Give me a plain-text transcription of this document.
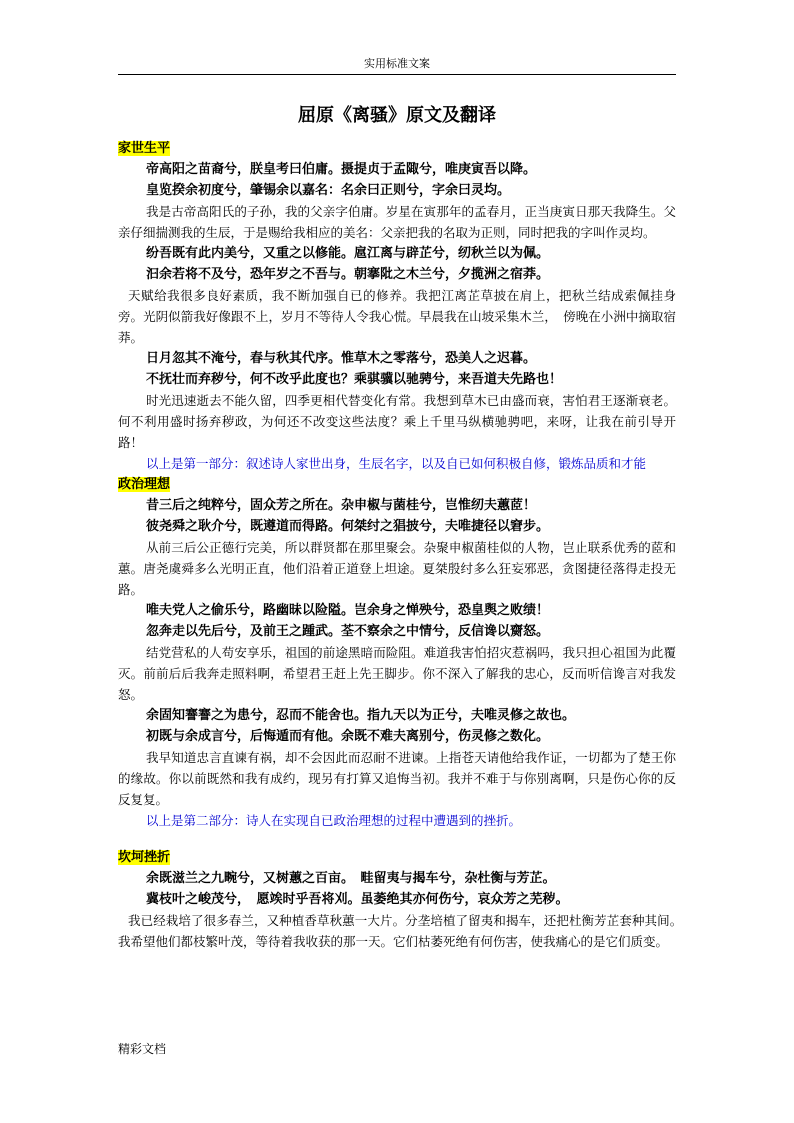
实用标准文案
屈原《离骚》原文及翻译

家世生平

帝高阳之苗裔兮，朕皇考曰伯庸。摄提贞于孟陬兮，唯庚寅吾以降。

皇览揆余初度兮，肇锡余以嘉名：名余曰正则兮，字余曰灵均。

我是古帝高阳氏的子孙，我的父亲字伯庸。岁星在寅那年的孟春月，正当庚寅日那天我降生。父亲仔细揣测我的生辰，于是赐给我相应的美名：父亲把我的名取为正则，同时把我的字叫作灵均。

纷吾既有此内美兮，又重之以修能。扈江离与辟芷兮，纫秋兰以为佩。

汩余若将不及兮，恐年岁之不吾与。朝搴阰之木兰兮，夕揽洲之宿莽。

天赋给我很多良好素质，我不断加强自已的修养。我把江离芷草披在肩上，把秋兰结成索佩挂身旁。光阴似箭我好像跟不上，岁月不等待人令我心慌。早晨我在山坡采集木兰，　傍晚在小洲中摘取宿莽。

日月忽其不淹兮，春与秋其代序。惟草木之零落兮，恐美人之迟暮。

不抚壮而弃秽兮，何不改乎此度也？乘骐骥以驰骋兮，来吾道夫先路也！

时光迅速逝去不能久留，四季更相代替变化有常。我想到草木已由盛而衰，害怕君王逐渐衰老。何不利用盛时扬弃秽政，为何还不改变这些法度？乘上千里马纵横驰骋吧，来呀，让我在前引导开路！

以上是第一部分：叙述诗人家世出身，生辰名字，以及自已如何积极自修，锻炼品质和才能

政治理想

昔三后之纯粹兮，固众芳之所在。杂申椒与菌桂兮，岂惟纫夫蕙茝！

彼尧舜之耿介兮，既遵道而得路。何桀纣之猖披兮，夫唯捷径以窘步。

从前三后公正德行完美，所以群贤都在那里聚会。杂聚申椒菌桂似的人物，岂止联系优秀的茝和蕙。唐尧虞舜多么光明正直，他们沿着正道登上坦途。夏桀殷纣多么狂妄邪恶，贪图捷径落得走投无路。

唯夫党人之偷乐兮，路幽昧以险隘。岂余身之惮殃兮，恐皇舆之败绩！

忽奔走以先后兮，及前王之踵武。荃不察余之中情兮，反信谗以齌怒。

结党营私的人苟安享乐，祖国的前途黑暗而险阻。难道我害怕招灾惹祸吗，我只担心祖国为此覆灭。前前后后我奔走照料啊，希望君王赶上先王脚步。你不深入了解我的忠心，反而听信谗言对我发怒。

余固知謇謇之为患兮，忍而不能舍也。指九天以为正兮，夫唯灵修之故也。

初既与余成言兮，后悔遁而有他。余既不难夫离别兮，伤灵修之数化。

我早知道忠言直谏有祸，却不会因此而忍耐不进谏。上指苍天请他给我作证，一切都为了楚王你的缘故。你以前既然和我有成约，现另有打算又追悔当初。我并不难于与你别离啊，只是伤心你的反反复复。

以上是第二部分：诗人在实现自已政治理想的过程中遭遇到的挫折。

坎坷挫折

余既滋兰之九畹兮，又树蕙之百亩。　畦留夷与揭车兮，杂杜衡与芳芷。

冀枝叶之峻茂兮，　愿竢时乎吾将刈。虽萎绝其亦何伤兮，哀众芳之芜秽。

我已经栽培了很多春兰，又种植香草秋蕙一大片。分垄培植了留夷和揭车，还把杜衡芳芷套种其间。　我希望他们都枝繁叶茂，等待着我收获的那一天。它们枯萎死绝有何伤害，使我痛心的是它们质变。

精彩文档
